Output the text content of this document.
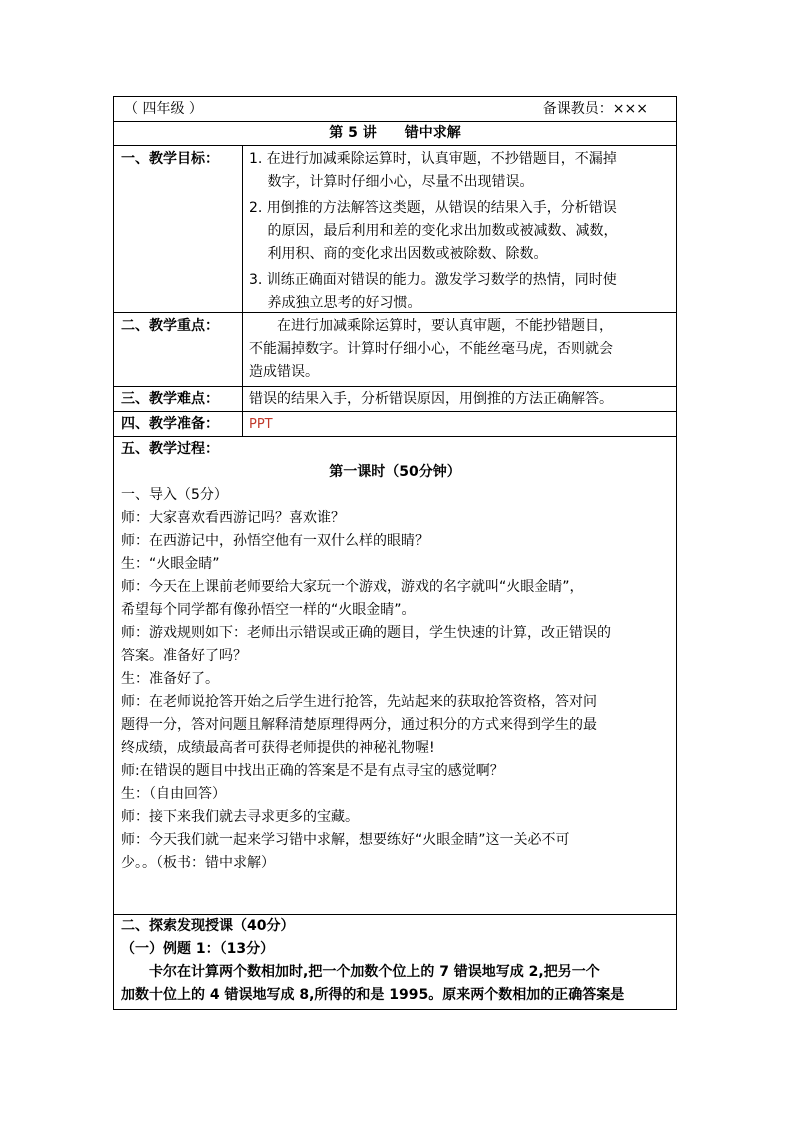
（ 四年级 ）	备课教员：×××
第 5 讲　　错中求解
一、教学目标： 1. 在进行加减乘除运算时，认真审题，不抄错题目，不漏掉
　 数字，计算时仔细小心，尽量不出现错误。
2. 用倒推的方法解答这类题，从错误的结果入手，分析错误
　 的原因，最后利用和差的变化求出加数或被减数、减数，
　 利用积、商的变化求出因数或被除数、除数。
3. 训练正确面对错误的能力。激发学习数学的热情，同时使
　 养成独立思考的好习惯。
二、教学重点： 　　在进行加减乘除运算时，要认真审题，不能抄错题目，
不能漏掉数字。计算时仔细小心，不能丝毫马虎，否则就会
造成错误。
三、教学难点： 错误的结果入手，分析错误原因，用倒推的方法正确解答。
四、教学准备： PPT
五、教学过程：
第一课时（50分钟）
一、导入（5分）
师：大家喜欢看西游记吗？喜欢谁？
师：在西游记中，孙悟空他有一双什么样的眼睛？
生：“火眼金睛”
师：今天在上课前老师要给大家玩一个游戏，游戏的名字就叫“火眼金睛”，
希望每个同学都有像孙悟空一样的“火眼金睛”。
师：游戏规则如下：老师出示错误或正确的题目，学生快速的计算，改正错误的
答案。准备好了吗？
生：准备好了。
师：在老师说抢答开始之后学生进行抢答，先站起来的获取抢答资格，答对问
题得一分，答对问题且解释清楚原理得两分，通过积分的方式来得到学生的最
终成绩，成绩最高者可获得老师提供的神秘礼物喔!
师:在错误的题目中找出正确的答案是不是有点寻宝的感觉啊？
生：（自由回答）
师：接下来我们就去寻求更多的宝藏。
师：今天我们就一起来学习错中求解，想要练好“火眼金睛”这一关必不可
少。。（板书：错中求解）
二、探索发现授课（40分）
（一）例题 1：（13分）
　　卡尔在计算两个数相加时,把一个加数个位上的 7 错误地写成 2,把另一个
加数十位上的 4 错误地写成 8,所得的和是 1995。原来两个数相加的正确答案是
